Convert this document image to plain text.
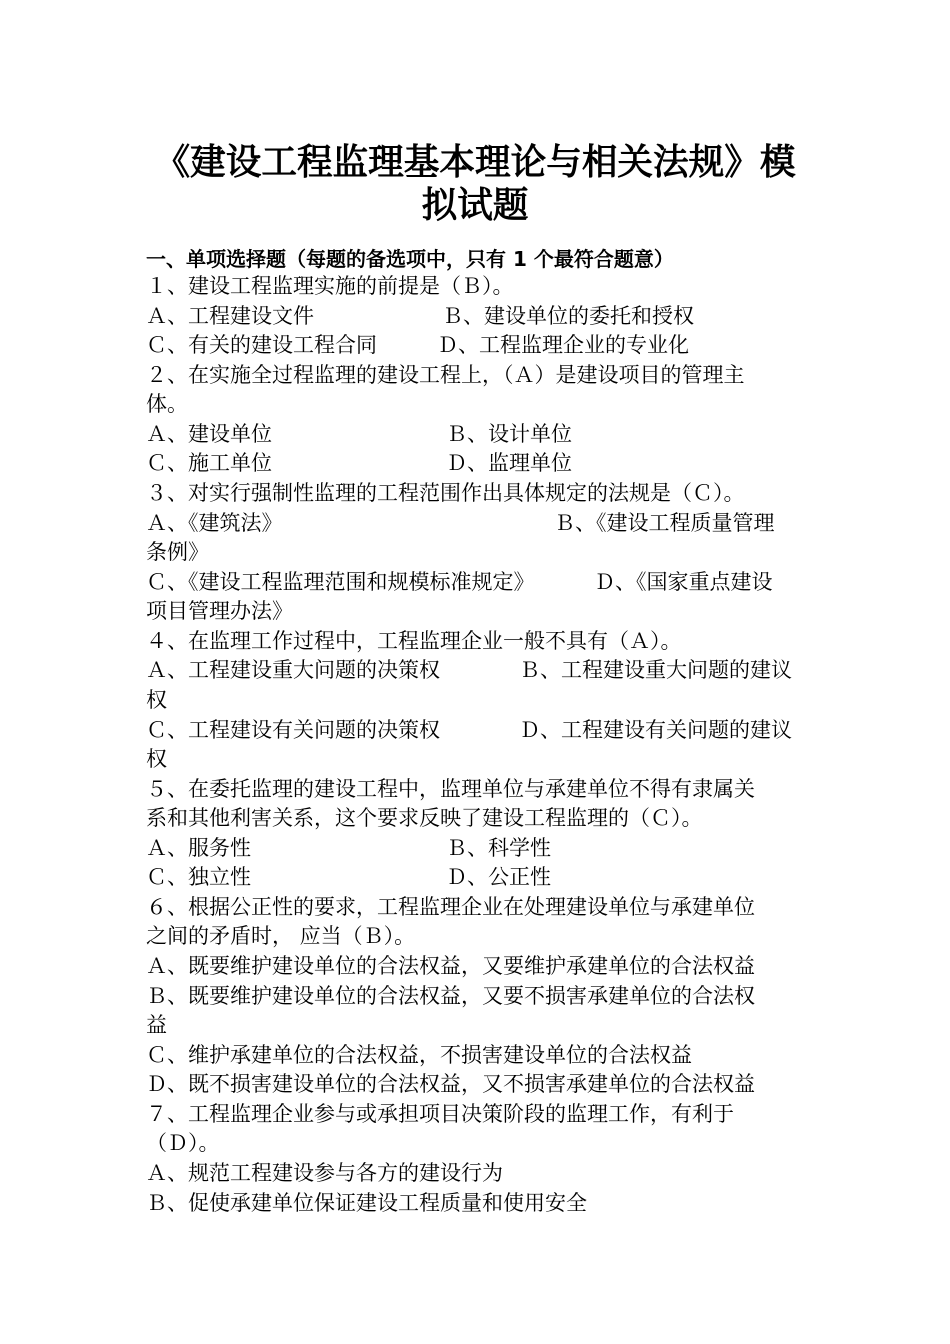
《建设工程监理基本理论与相关法规》模
拟试题
一、单项选择题（每题的备选项中，只有 1 个最符合题意）
１、建设工程监理实施的前提是（Ｂ）。
Ａ、工程建设文件	Ｂ、建设单位的委托和授权
Ｃ、有关的建设工程合同	Ｄ、工程监理企业的专业化
２、在实施全过程监理的建设工程上，（Ａ）是建设项目的管理主
体。
Ａ、建设单位	Ｂ、设计单位
Ｃ、施工单位	Ｄ、监理单位
３、对实行强制性监理的工程范围作出具体规定的法规是（Ｃ）。
Ａ、《建筑法》	Ｂ、《建设工程质量管理
条例》
Ｃ、《建设工程监理范围和规模标准规定》	Ｄ、《国家重点建设
项目管理办法》
４、在监理工作过程中，工程监理企业一般不具有（Ａ）。
Ａ、工程建设重大问题的决策权	Ｂ、工程建设重大问题的建议
权
Ｃ、工程建设有关问题的决策权	Ｄ、工程建设有关问题的建议
权
５、在委托监理的建设工程中，监理单位与承建单位不得有隶属关
系和其他利害关系，这个要求反映了建设工程监理的（Ｃ）。
Ａ、服务性	Ｂ、科学性
Ｃ、独立性	Ｄ、公正性
６、根据公正性的要求，工程监理企业在处理建设单位与承建单位
之间的矛盾时， 应当（Ｂ）。
Ａ、既要维护建设单位的合法权益，又要维护承建单位的合法权益
Ｂ、既要维护建设单位的合法权益，又要不损害承建单位的合法权
益
Ｃ、维护承建单位的合法权益，不损害建设单位的合法权益
Ｄ、既不损害建设单位的合法权益，又不损害承建单位的合法权益
７、工程监理企业参与或承担项目决策阶段的监理工作，有利于
（Ｄ）。
Ａ、规范工程建设参与各方的建设行为
Ｂ、促使承建单位保证建设工程质量和使用安全
